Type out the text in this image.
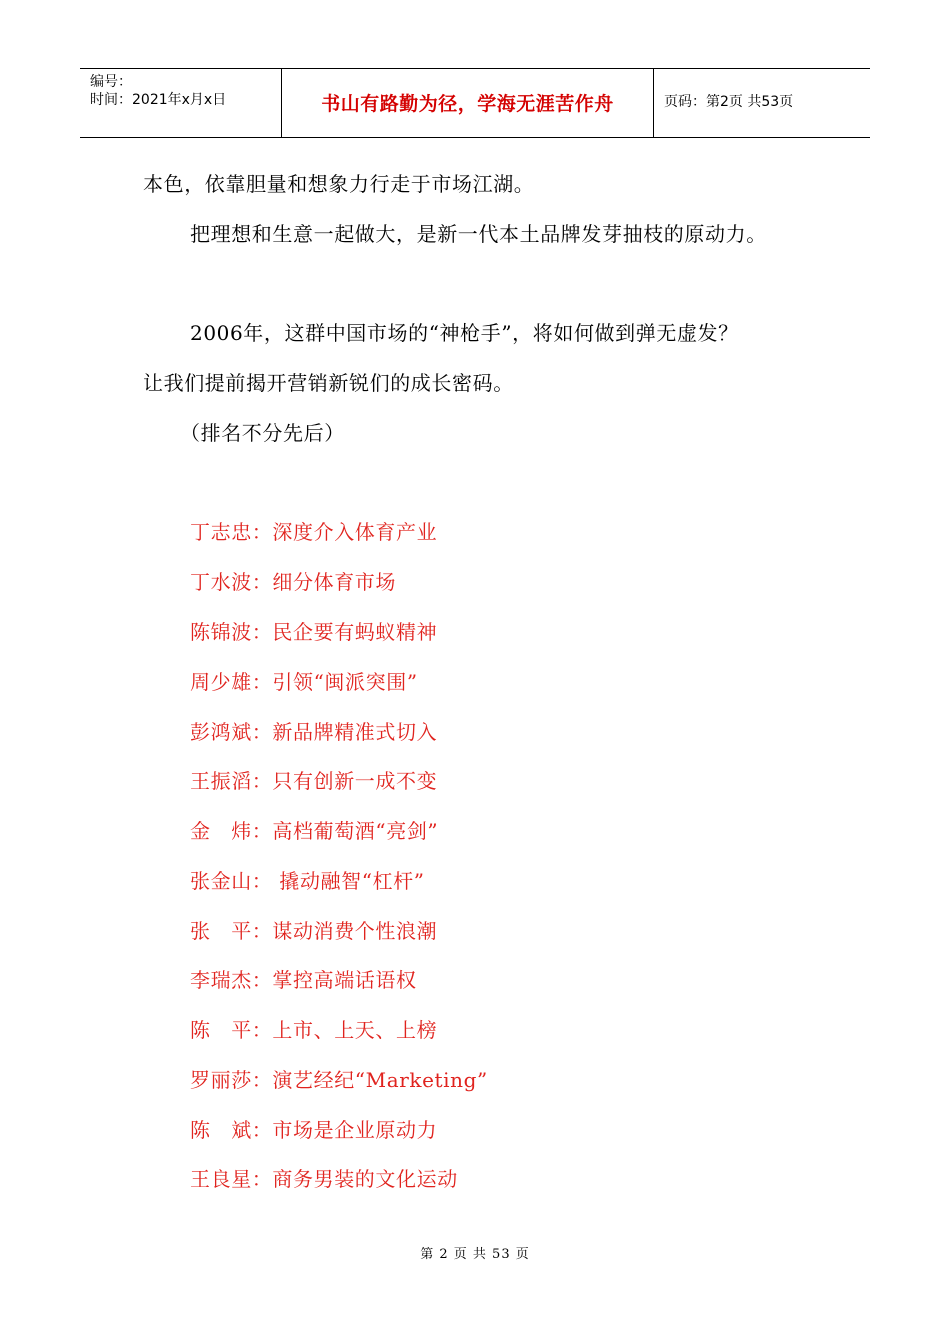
编号：
时间：2021年x月x日	书山有路勤为径，学海无涯苦作舟	页码：第2页 共53页
本色，依靠胆量和想象力行走于市场江湖。
把理想和生意一起做大，是新一代本土品牌发芽抽枝的原动力。
2006年，这群中国市场的“神枪手”，将如何做到弹无虚发？
让我们提前揭开营销新锐们的成长密码。
（排名不分先后）
丁志忠：深度介入体育产业
丁水波：细分体育市场
陈锦波：民企要有蚂蚁精神
周少雄：引领“闽派突围”
彭鸿斌：新品牌精准式切入
王振滔：只有创新一成不变
金　炜：高档葡萄酒“亮剑”
张金山： 撬动融智“杠杆”
张　平：谋动消费个性浪潮
李瑞杰：掌控高端话语权
陈　平：上市、上天、上榜
罗丽莎：演艺经纪“Marketing”
陈　斌：市场是企业原动力
王良星：商务男装的文化运动
第 2 页 共 53 页
